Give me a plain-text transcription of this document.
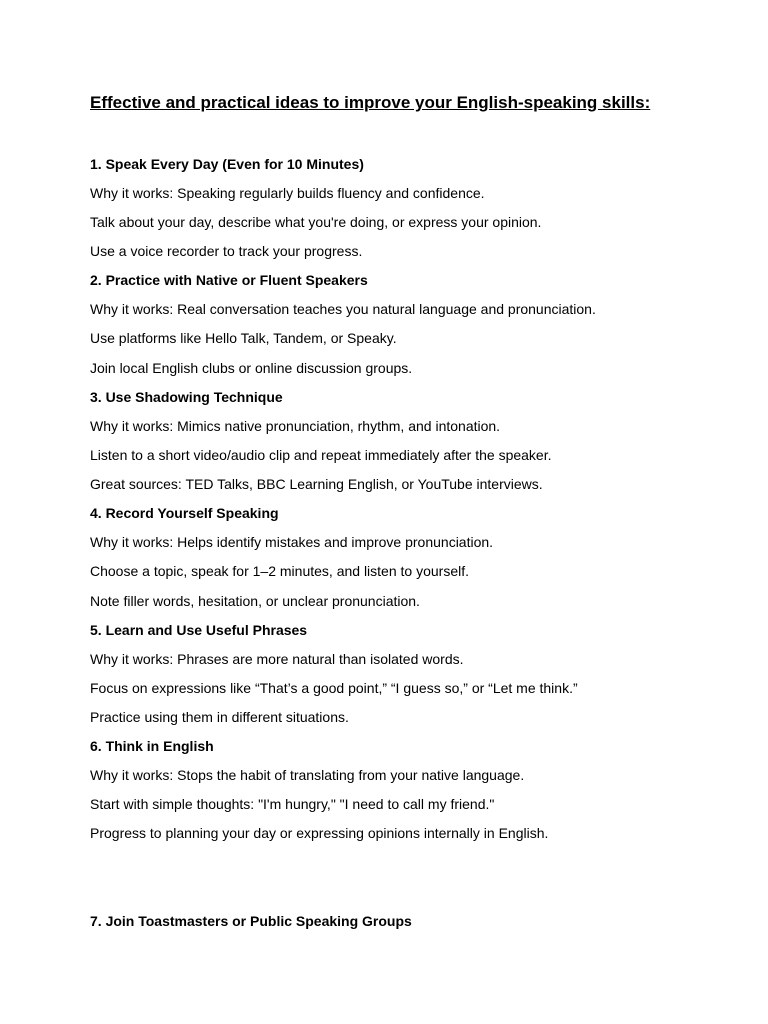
Effective and practical ideas to improve your English-speaking skills:

1. Speak Every Day (Even for 10 Minutes)

Why it works: Speaking regularly builds fluency and confidence.

Talk about your day, describe what you're doing, or express your opinion.

Use a voice recorder to track your progress.

2. Practice with Native or Fluent Speakers

Why it works: Real conversation teaches you natural language and pronunciation.

Use platforms like Hello Talk, Tandem, or Speaky.

Join local English clubs or online discussion groups.

3. Use Shadowing Technique

Why it works: Mimics native pronunciation, rhythm, and intonation.

Listen to a short video/audio clip and repeat immediately after the speaker.

Great sources: TED Talks, BBC Learning English, or YouTube interviews.

4. Record Yourself Speaking

Why it works: Helps identify mistakes and improve pronunciation.

Choose a topic, speak for 1–2 minutes, and listen to yourself.

Note filler words, hesitation, or unclear pronunciation.

5. Learn and Use Useful Phrases

Why it works: Phrases are more natural than isolated words.

Focus on expressions like “That’s a good point,” “I guess so,” or “Let me think.”

Practice using them in different situations.

6. Think in English

Why it works: Stops the habit of translating from your native language.

Start with simple thoughts: "I'm hungry," "I need to call my friend."

Progress to planning your day or expressing opinions internally in English.

7. Join Toastmasters or Public Speaking Groups
